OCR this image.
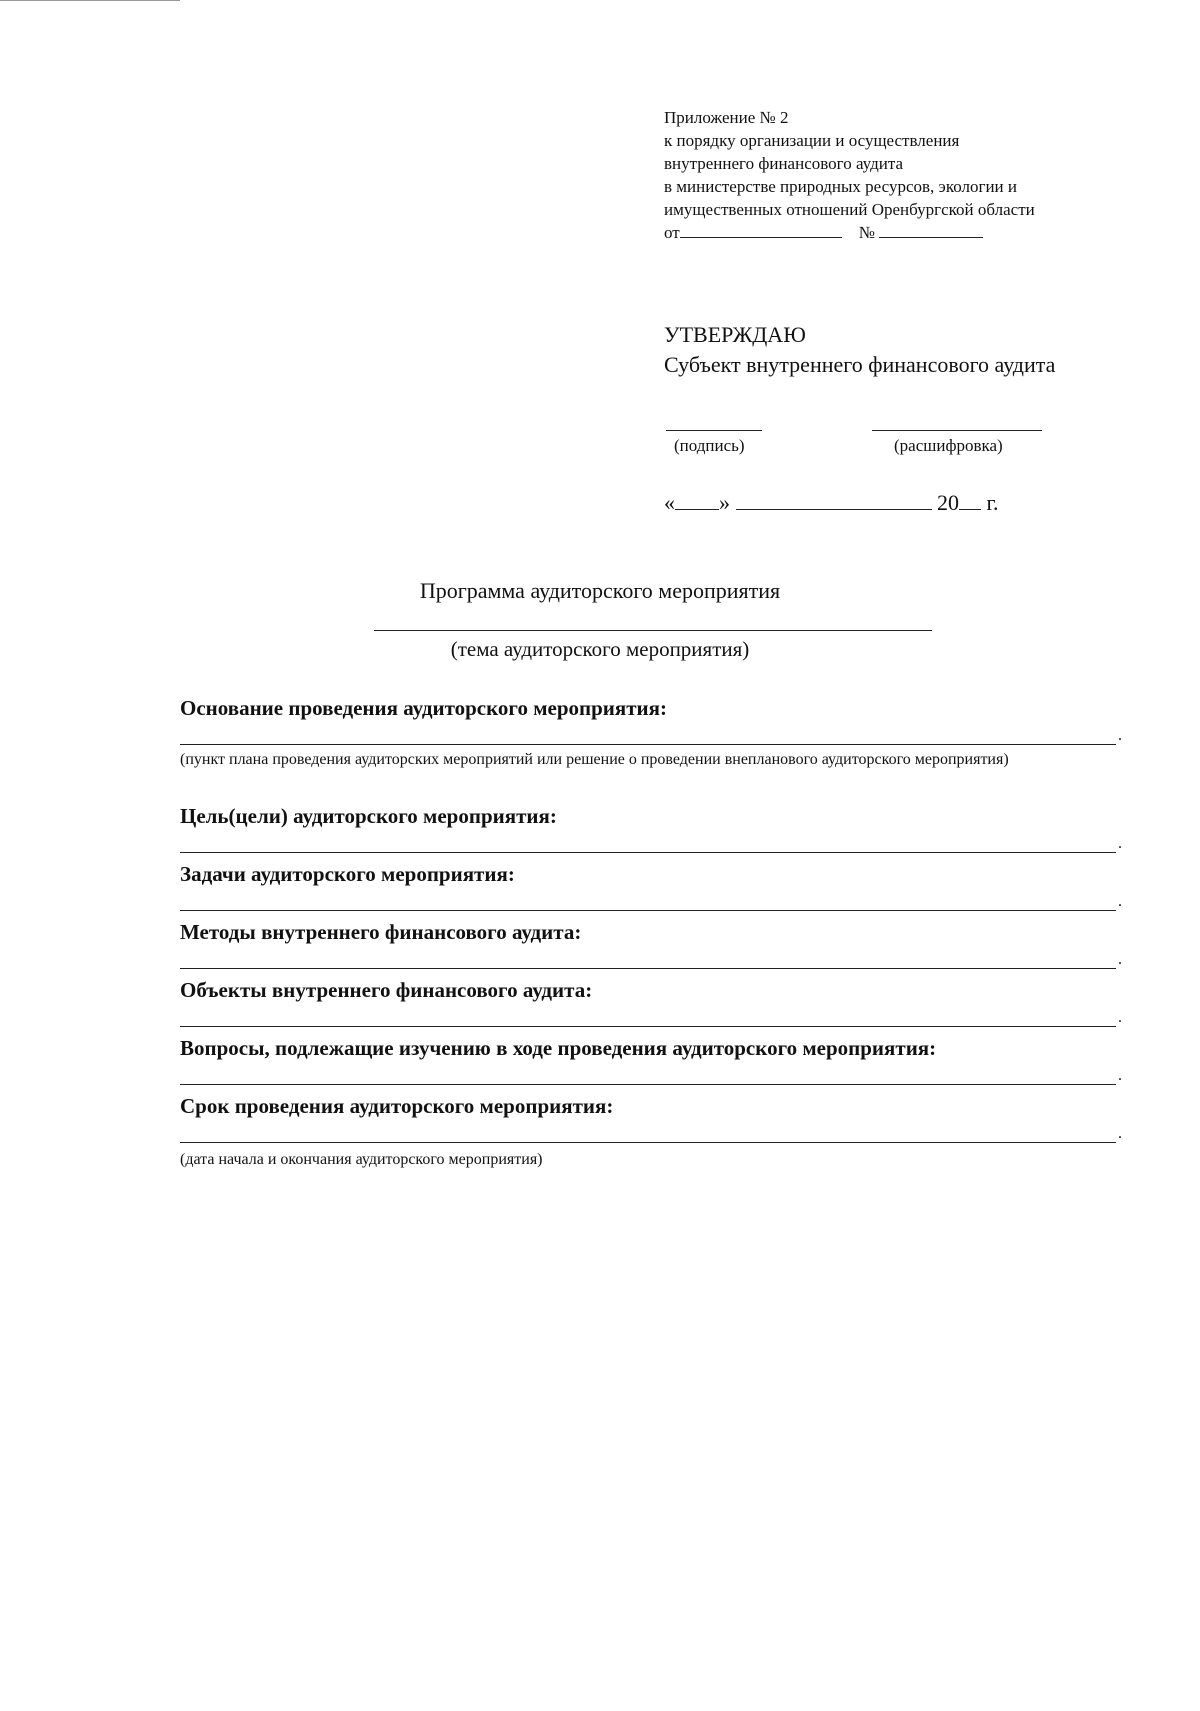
Приложение № 2
к порядку организации и осуществления
внутреннего финансового аудита
в министерстве природных ресурсов, экологии и
имущественных отношений Оренбургской области
от	№
УТВЕРЖДАЮ
Субъект внутреннего финансового аудита
(подпись)	(расшифровка)
« »	20 г.
Программа аудиторского мероприятия
(тема аудиторского мероприятия)
Основание проведения аудиторского мероприятия:
.
(пункт плана проведения аудиторских мероприятий или решение о проведении внепланового аудиторского мероприятия)
Цель(цели) аудиторского мероприятия:
.
Задачи аудиторского мероприятия:
.
Методы внутреннего финансового аудита:
.
Объекты внутреннего финансового аудита:
.
Вопросы, подлежащие изучению в ходе проведения аудиторского мероприятия:
.
Срок проведения аудиторского мероприятия:
.
(дата начала и окончания аудиторского мероприятия)
